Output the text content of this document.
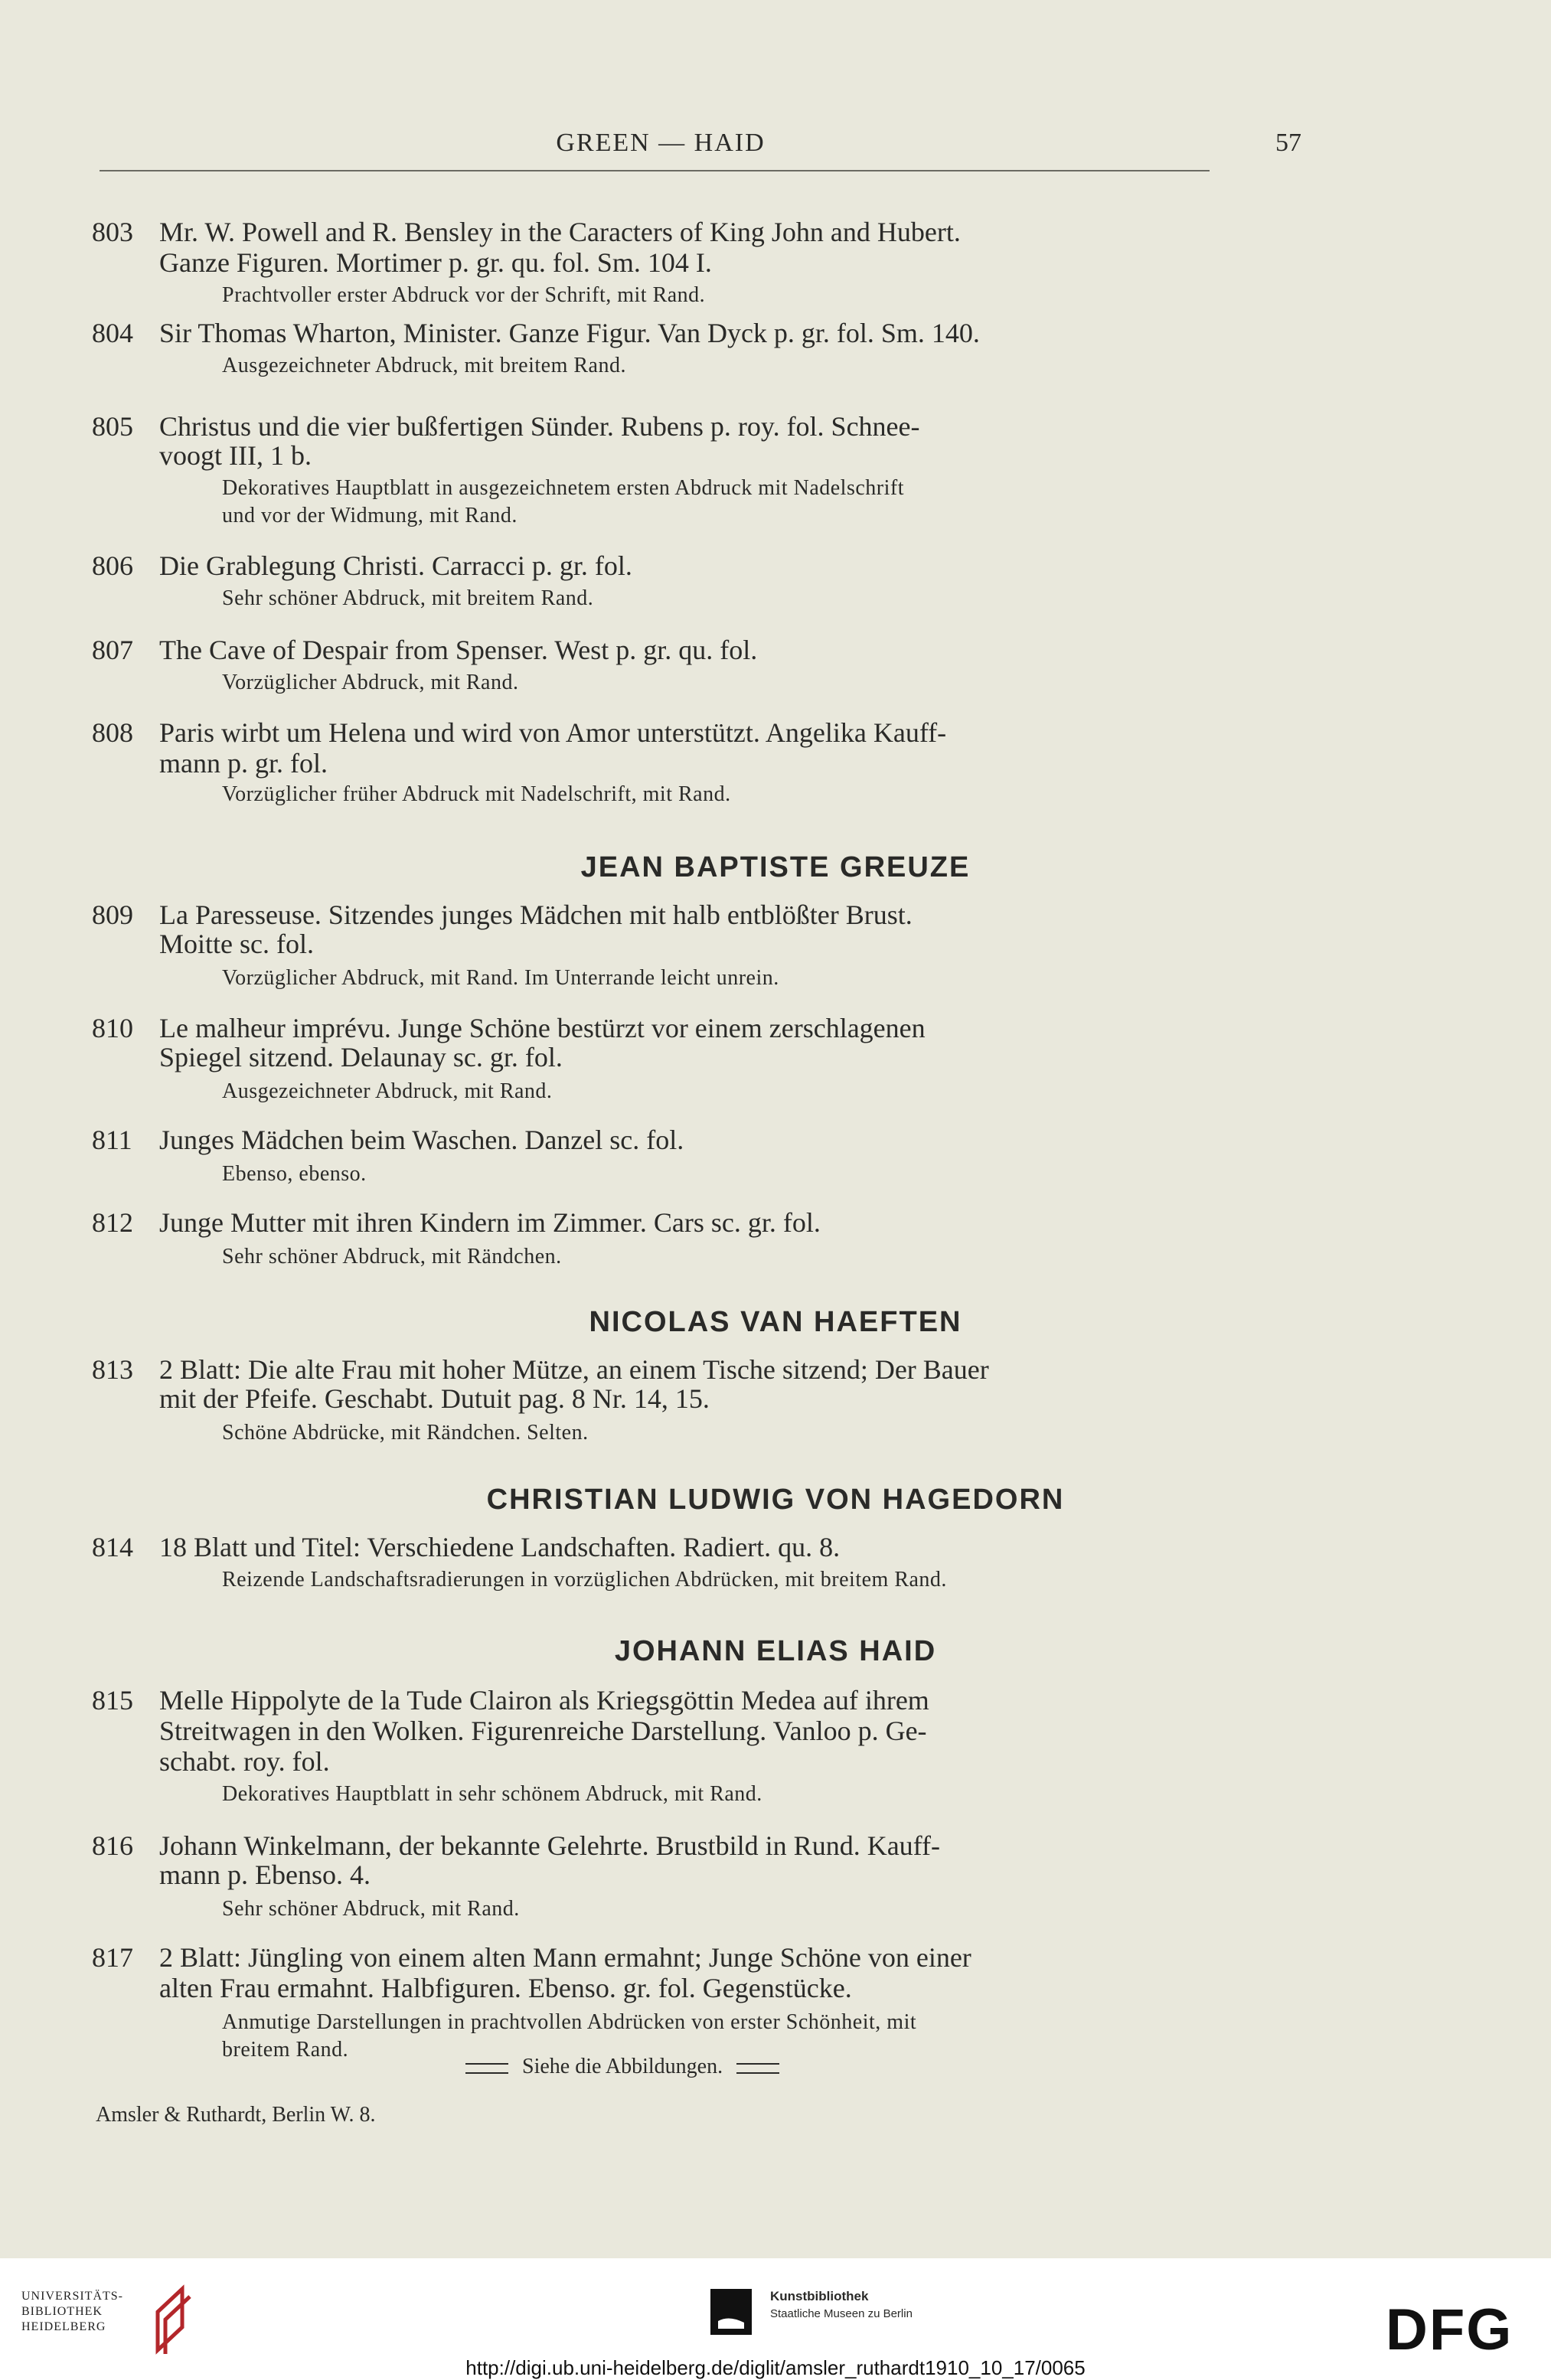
GREEN — HAID	57
803 Mr. W. Powell and R. Bensley in the Caracters of King John and Hubert.
Ganze Figuren. Mortimer p. gr. qu. fol. Sm. 104 I.
Prachtvoller erster Abdruck vor der Schrift, mit Rand.
804 Sir Thomas Wharton, Minister. Ganze Figur. Van Dyck p. gr. fol. Sm. 140.
Ausgezeichneter Abdruck, mit breitem Rand.
805 Christus und die vier bußfertigen Sünder. Rubens p. roy. fol. Schnee-
voogt III, 1 b.
Dekoratives Hauptblatt in ausgezeichnetem ersten Abdruck mit Nadelschrift
und vor der Widmung, mit Rand.
806 Die Grablegung Christi. Carracci p. gr. fol.
Sehr schöner Abdruck, mit breitem Rand.
807 The Cave of Despair from Spenser. West p. gr. qu. fol.
Vorzüglicher Abdruck, mit Rand.
808 Paris wirbt um Helena und wird von Amor unterstützt. Angelika Kauff-
mann p. gr. fol.
Vorzüglicher früher Abdruck mit Nadelschrift, mit Rand.
JEAN BAPTISTE GREUZE
809 La Paresseuse. Sitzendes junges Mädchen mit halb entblößter Brust.
Moitte sc. fol.
Vorzüglicher Abdruck, mit Rand. Im Unterrande leicht unrein.
810 Le malheur imprévu. Junge Schöne bestürzt vor einem zerschlagenen
Spiegel sitzend. Delaunay sc. gr. fol.
Ausgezeichneter Abdruck, mit Rand.
811 Junges Mädchen beim Waschen. Danzel sc. fol.
Ebenso, ebenso.
812 Junge Mutter mit ihren Kindern im Zimmer. Cars sc. gr. fol.
Sehr schöner Abdruck, mit Rändchen.
NICOLAS VAN HAEFTEN
813 2 Blatt: Die alte Frau mit hoher Mütze, an einem Tische sitzend; Der Bauer
mit der Pfeife. Geschabt. Dutuit pag. 8 Nr. 14, 15.
Schöne Abdrücke, mit Rändchen. Selten.
CHRISTIAN LUDWIG VON HAGEDORN
814 18 Blatt und Titel: Verschiedene Landschaften. Radiert. qu. 8.
Reizende Landschaftsradierungen in vorzüglichen Abdrücken, mit breitem Rand.
JOHANN ELIAS HAID
815 Melle Hippolyte de la Tude Clairon als Kriegsgöttin Medea auf ihrem
Streitwagen in den Wolken. Figurenreiche Darstellung. Vanloo p. Ge-
schabt. roy. fol.
Dekoratives Hauptblatt in sehr schönem Abdruck, mit Rand.
816 Johann Winkelmann, der bekannte Gelehrte. Brustbild in Rund. Kauff-
mann p. Ebenso. 4.
Sehr schöner Abdruck, mit Rand.
817 2 Blatt: Jüngling von einem alten Mann ermahnt; Junge Schöne von einer
alten Frau ermahnt. Halbfiguren. Ebenso. gr. fol. Gegenstücke.
Anmutige Darstellungen in prachtvollen Abdrücken von erster Schönheit, mit
breitem Rand.
Siehe die Abbildungen.
Amsler & Ruthardt, Berlin W. 8.
UNIVERSITÄTS-
BIBLIOTHEK
HEIDELBERG
Kunstbibliothek
Staatliche Museen zu Berlin	DFG
http://digi.ub.uni-heidelberg.de/diglit/amsler_ruthardt1910_10_17/0065
